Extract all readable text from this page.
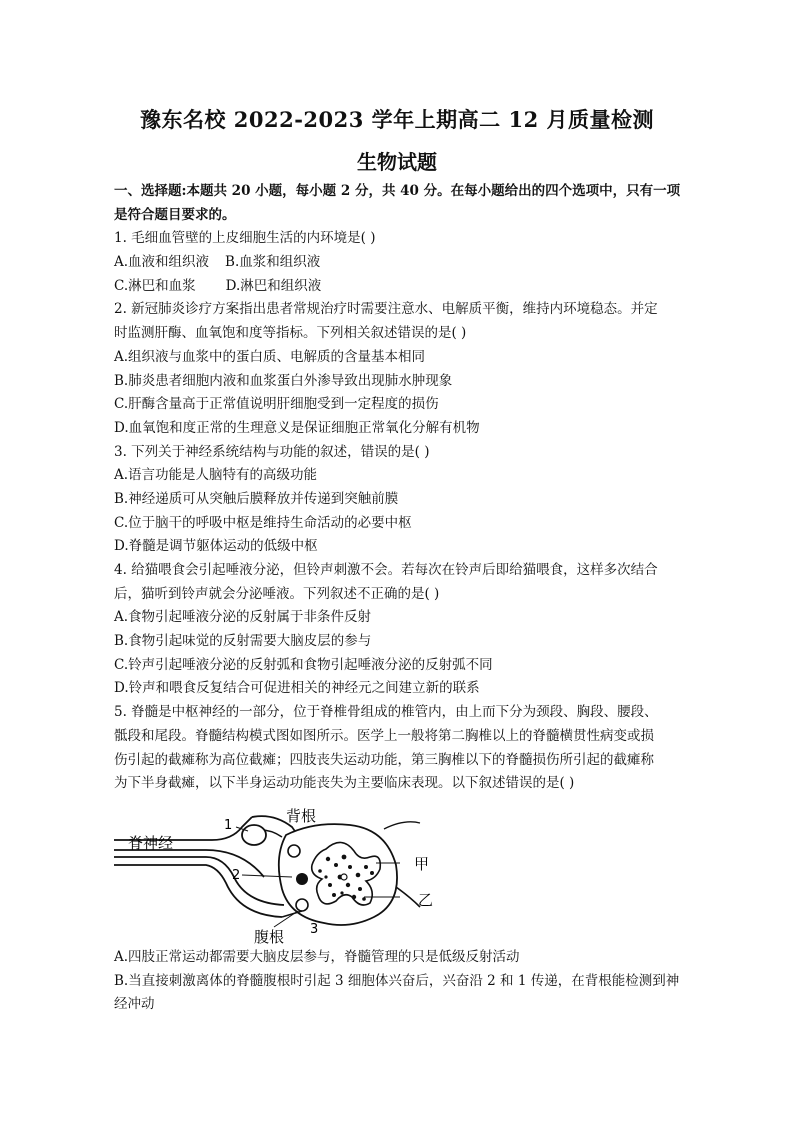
豫东名校 2022-2023 学年上期高二 12 月质量检测
生物试题
一、选择题:本题共 20 小题，每小题 2 分，共 40 分。在每小题给出的四个选项中，只有一项
是符合题目要求的。
1. 毛细血管壁的上皮细胞生活的内环境是( )
A.血液和组织液 B.血浆和组织液
C.淋巴和血浆 D.淋巴和组织液
2. 新冠肺炎诊疗方案指出患者常规治疗时需要注意水、电解质平衡，维持内环境稳态。并定
时监测肝酶、血氧饱和度等指标。下列相关叙述错误的是( )
A.组织液与血浆中的蛋白质、电解质的含量基本相同
B.肺炎患者细胞内液和血浆蛋白外渗导致出现肺水肿现象
C.肝酶含量高于正常值说明肝细胞受到一定程度的损伤
D.血氧饱和度正常的生理意义是保证细胞正常氧化分解有机物
3. 下列关于神经系统结构与功能的叙述，错误的是( )
A.语言功能是人脑特有的高级功能
B.神经递质可从突触后膜释放并传递到突触前膜
C.位于脑干的呼吸中枢是维持生命活动的必要中枢
D.脊髓是调节躯体运动的低级中枢
4. 给猫喂食会引起唾液分泌，但铃声刺激不会。若每次在铃声后即给猫喂食，这样多次结合
后，猫听到铃声就会分泌唾液。下列叙述不正确的是( )
A.食物引起唾液分泌的反射属于非条件反射
B.食物引起味觉的反射需要大脑皮层的参与
C.铃声引起唾液分泌的反射弧和食物引起唾液分泌的反射弧不同
D.铃声和喂食反复结合可促进相关的神经元之间建立新的联系
5. 脊髓是中枢神经的一部分，位于脊椎骨组成的椎管内，由上而下分为颈段、胸段、腰段、
骶段和尾段。脊髓结构模式图如图所示。医学上一般将第二胸椎以上的脊髓横贯性病变或损
伤引起的截瘫称为高位截瘫；四肢丧失运动功能，第三胸椎以下的脊髓损伤所引起的截瘫称
为下半身截瘫，以下半身运动功能丧失为主要临床表现。以下叙述错误的是( )
脊神经
背根
腹根
甲
乙
1
2
3
A.四肢正常运动都需要大脑皮层参与，脊髓管理的只是低级反射活动
B.当直接刺激离体的脊髓腹根时引起 3 细胞体兴奋后，兴奋沿 2 和 1 传递，在背根能检测到神
经冲动
